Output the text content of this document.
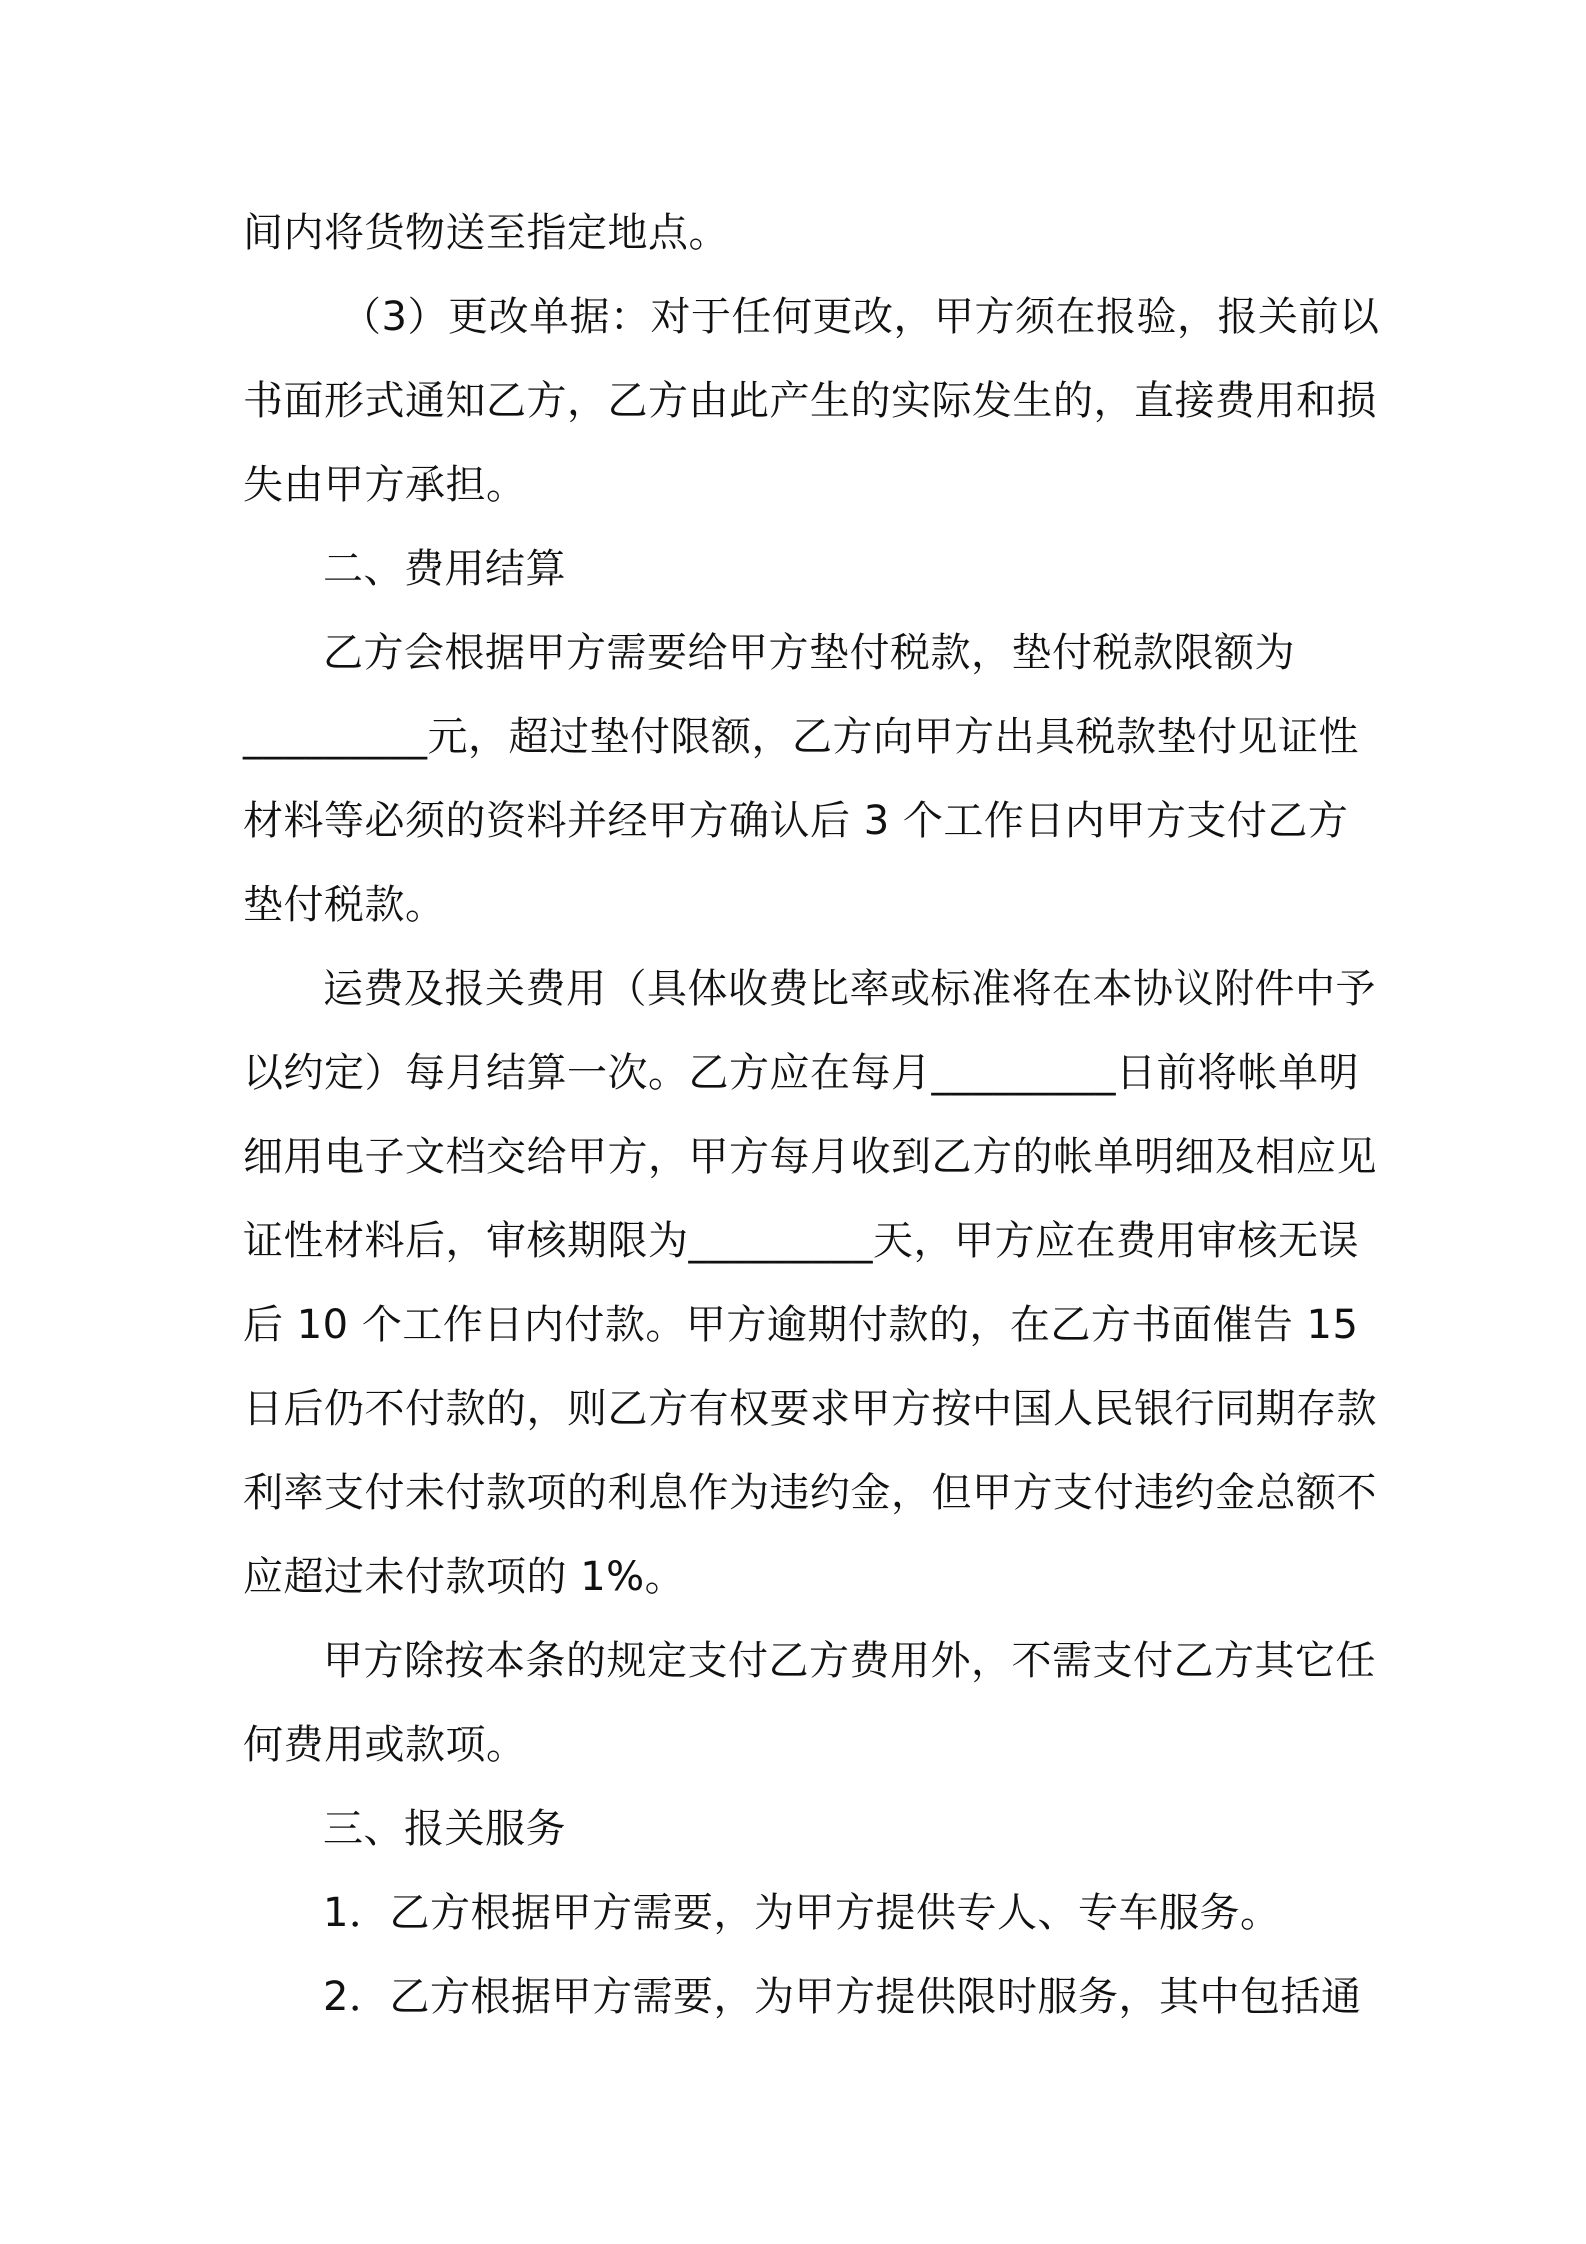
间内将货物送至指定地点。
（3）更改单据：对于任何更改，甲方须在报验，报关前以
书面形式通知乙方，乙方由此产生的实际发生的，直接费用和损
失由甲方承担。
二、费用结算
乙方会根据甲方需要给甲方垫付税款，垫付税款限额为
_________元，超过垫付限额，乙方向甲方出具税款垫付见证性
材料等必须的资料并经甲方确认后 3 个工作日内甲方支付乙方
垫付税款。
运费及报关费用（具体收费比率或标准将在本协议附件中予
以约定）每月结算一次。乙方应在每月_________日前将帐单明
细用电子文档交给甲方，甲方每月收到乙方的帐单明细及相应见
证性材料后，审核期限为_________天，甲方应在费用审核无误
后 10 个工作日内付款。甲方逾期付款的，在乙方书面催告 15
日后仍不付款的，则乙方有权要求甲方按中国人民银行同期存款
利率支付未付款项的利息作为违约金，但甲方支付违约金总额不
应超过未付款项的 1%。
甲方除按本条的规定支付乙方费用外，不需支付乙方其它任
何费用或款项。
三、报关服务
1．乙方根据甲方需要，为甲方提供专人、专车服务。
2．乙方根据甲方需要，为甲方提供限时服务，其中包括通
